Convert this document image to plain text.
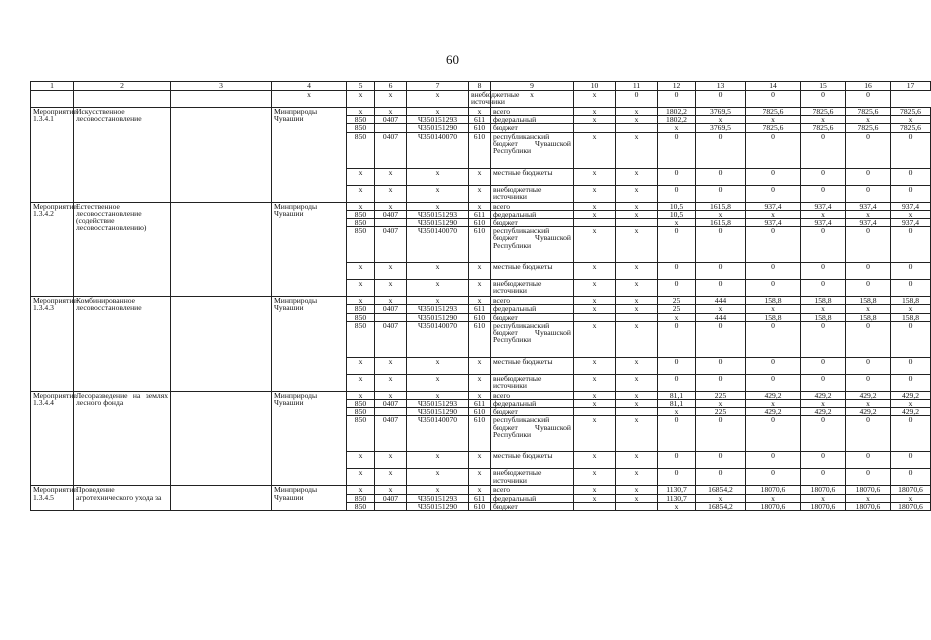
60
1	2	3	4	5	6	7	8	9	10	11	12	13	14	15	16	17
			x	x	x	x	внебюджетные источники	x	x	0	0	0	0	0	0	
Мероприятие 1.3.4.1	Искусственное лесовосстановление		Минприроды Чувашии	x	x	x	x	всего	x	x	1802,2	3769,5	7825,6	7825,6	7825,6	7825,6
				850	0407	Ч350151293	611	федеральный	x	x	1802,2	x	x	x	x	x
				850		Ч350151290	610	бюджет			x	3769,5	7825,6	7825,6	7825,6	7825,6
				850	0407	Ч350140070	610	республиканский бюджет Чувашской Республики	x	x	0	0	0	0	0	0
				x	x	x	x	местные бюджеты	x	x	0	0	0	0	0	0
				x	x	x	x	внебюджетные источники	x	x	0	0	0	0	0	0
Мероприятие 1.3.4.2	Естественное лесовосстановление (содействие лесовосстановлению)		Минприроды Чувашии	x	x	x	x	всего	x	x	10,5	1615,8	937,4	937,4	937,4	937,4
				850	0407	Ч350151293	611	федеральный	x	x	10,5	x	x	x	x	x
				850		Ч350151290	610	бюджет			x	1615,8	937,4	937,4	937,4	937,4
				850	0407	Ч350140070	610	республиканский бюджет Чувашской Республики	x	x	0	0	0	0	0	0
				x	x	x	x	местные бюджеты	x	x	0	0	0	0	0	0
				x	x	x	x	внебюджетные источники	x	x	0	0	0	0	0	0
Мероприятие 1.3.4.3	Комбинированное лесовосстановление		Минприроды Чувашии	x	x	x	x	всего	x	x	25	444	158,8	158,8	158,8	158,8
				850	0407	Ч350151293	611	федеральный	x	x	25	x	x	x	x	x
				850		Ч350151290	610	бюджет			x	444	158,8	158,8	158,8	158,8
				850	0407	Ч350140070	610	республиканский бюджет Чувашской Республики	x	x	0	0	0	0	0	0
				x	x	x	x	местные бюджеты	x	x	0	0	0	0	0	0
				x	x	x	x	внебюджетные источники	x	x	0	0	0	0	0	0
Мероприятие 1.3.4.4	Лесоразведение на землях лесного фонда		Минприроды Чувашии	x	x	x	x	всего	x	x	81,1	225	429,2	429,2	429,2	429,2
				850	0407	Ч350151293	611	федеральный	x	x	81,1	x	x	x	x	x
				850		Ч350151290	610	бюджет			x	225	429,2	429,2	429,2	429,2
				850	0407	Ч350140070	610	республиканский бюджет Чувашской Республики	x	x	0	0	0	0	0	0
				x	x	x	x	местные бюджеты	x	x	0	0	0	0	0	0
				x	x	x	x	внебюджетные источники	x	x	0	0	0	0	0	0
Мероприятие 1.3.4.5	Проведение агротехнического ухода за		Минприроды Чувашии	x	x	x	x	всего	x	x	1130,7	16854,2	18070,6	18070,6	18070,6	18070,6
				850	0407	Ч350151293	611	федеральный	x	x	1130,7	x	x	x	x	x
				850		Ч350151290	610	бюджет			x	16854,2	18070,6	18070,6	18070,6	18070,6
